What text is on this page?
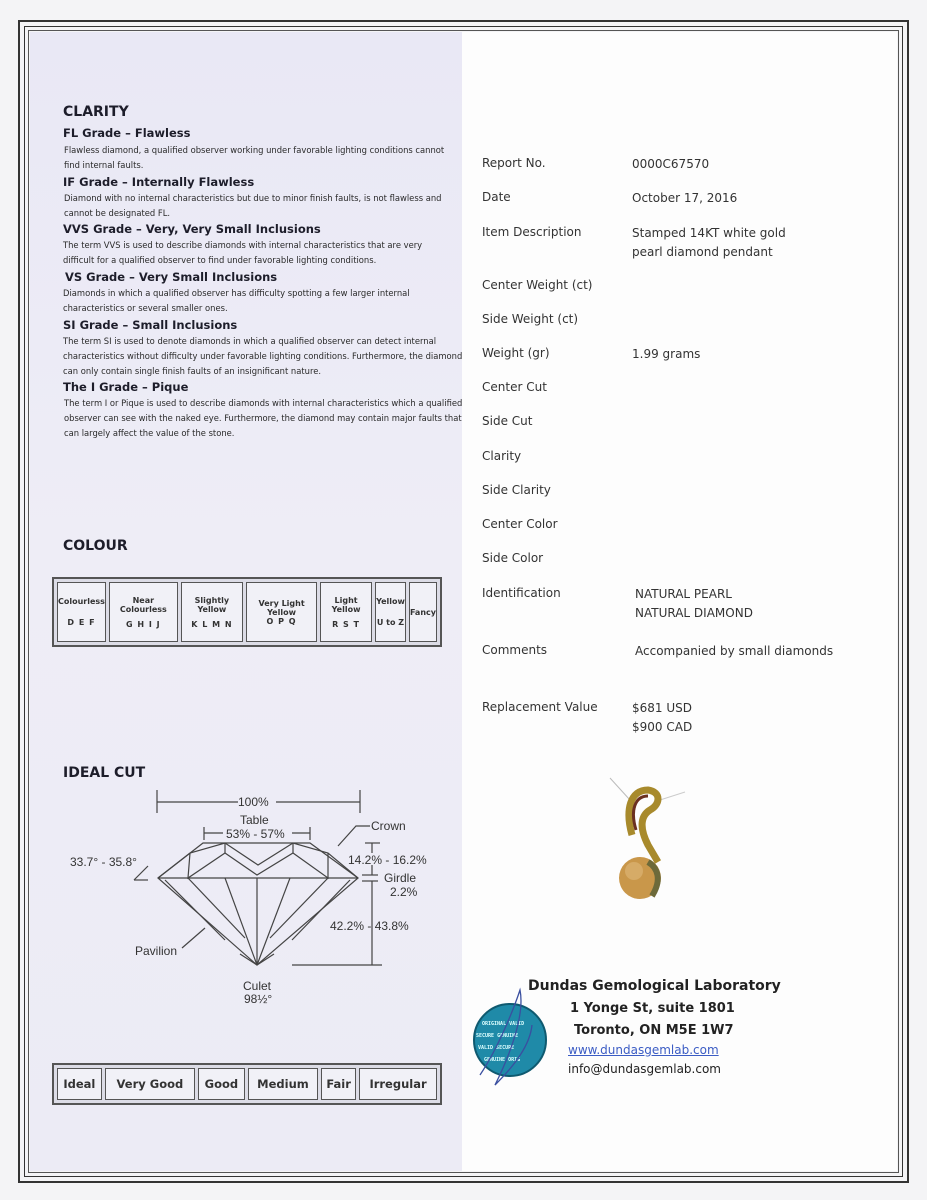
CLARITY
FL Grade – Flawless
Flawless diamond, a qualified observer working under favorable lighting conditions cannot find internal faults.
IF Grade – Internally Flawless
Diamond with no internal characteristics but due to minor finish faults, is not flawless and cannot be designated FL.
VVS Grade – Very, Very Small Inclusions
The term VVS is used to describe diamonds with internal characteristics that are very difficult for a qualified observer to find under favorable lighting conditions.
VS Grade – Very Small Inclusions
Diamonds in which a qualified observer has difficulty spotting a few larger internal characteristics or several smaller ones.
SI Grade – Small Inclusions
The term SI is used to denote diamonds in which a qualified observer can detect internal characteristics without difficulty under favorable lighting conditions. Furthermore, the diamond can only contain single finish faults of an insignificant nature.
The I Grade – Pique
The term I or Pique is used to describe diamonds with internal characteristics which a qualified observer can see with the naked eye. Furthermore, the diamond may contain major faults that can largely affect the value of the stone.
COLOUR
Colourless
D E F

Near Colourless
G H I J

Slightly Yellow
K L M N

Very Light Yellow
O P Q

Light Yellow
R S T

Yellow
U to Z

Fancy
IDEAL CUT
100%
Table
53% - 57%
Crown
33.7° - 35.8°	14.2% - 16.2%
Girdle
2.2%
42.2% - 43.8%
Pavilion
Culet
98½°
Ideal	Very Good	Good	Medium	Fair	Irregular
Report No.	0000C67570
Date	October 17, 2016
Item Description	Stamped 14KT white gold
pearl diamond pendant
Center Weight (ct)
Side Weight (ct)
Weight (gr)	1.99 grams
Center Cut
Side Cut
Clarity
Side Clarity
Center Color
Side Color
Identification	NATURAL PEARL
NATURAL DIAMOND
Comments	Accompanied by small diamonds
Replacement Value	$681 USD
$900 CAD
ORIGINAL VALID
SECURE GENUINE
VALID SECURE
GENUINE ORIG
Dundas Gemological Laboratory
1 Yonge St, suite 1801
Toronto, ON M5E 1W7
www.dundasgemlab.com
info@dundasgemlab.com
